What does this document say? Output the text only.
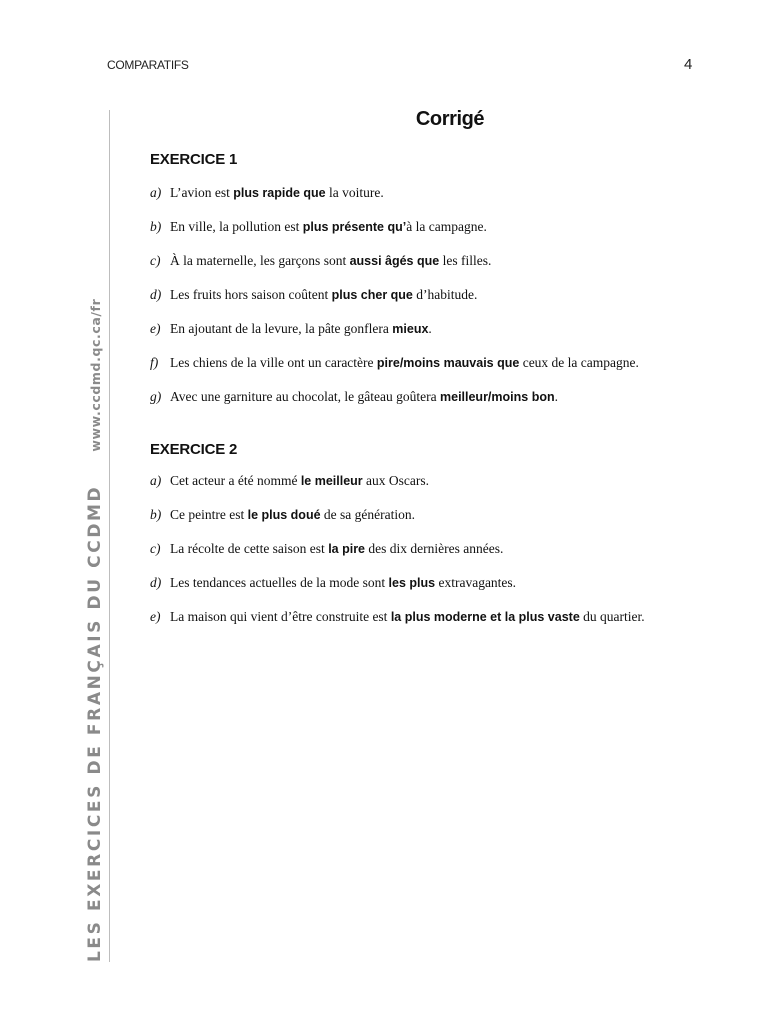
COMPARATIFS	4
LES EXERCICES DE FRANÇAIS DU CCDMD www.ccdmd.qc.ca/fr
Corrigé
EXERCICE 1
a) L’avion est plus rapide que la voiture.
b) En ville, la pollution est plus présente qu’à la campagne.
c) À la maternelle, les garçons sont aussi âgés que les filles.
d) Les fruits hors saison coûtent plus cher que d’habitude.
e) En ajoutant de la levure, la pâte gonflera mieux.
f) Les chiens de la ville ont un caractère pire/moins mauvais que ceux de la campagne.
g) Avec une garniture au chocolat, le gâteau goûtera meilleur/moins bon.
EXERCICE 2
a) Cet acteur a été nommé le meilleur aux Oscars.
b) Ce peintre est le plus doué de sa génération.
c) La récolte de cette saison est la pire des dix dernières années.
d) Les tendances actuelles de la mode sont les plus extravagantes.
e) La maison qui vient d’être construite est la plus moderne et la plus vaste du quartier.
